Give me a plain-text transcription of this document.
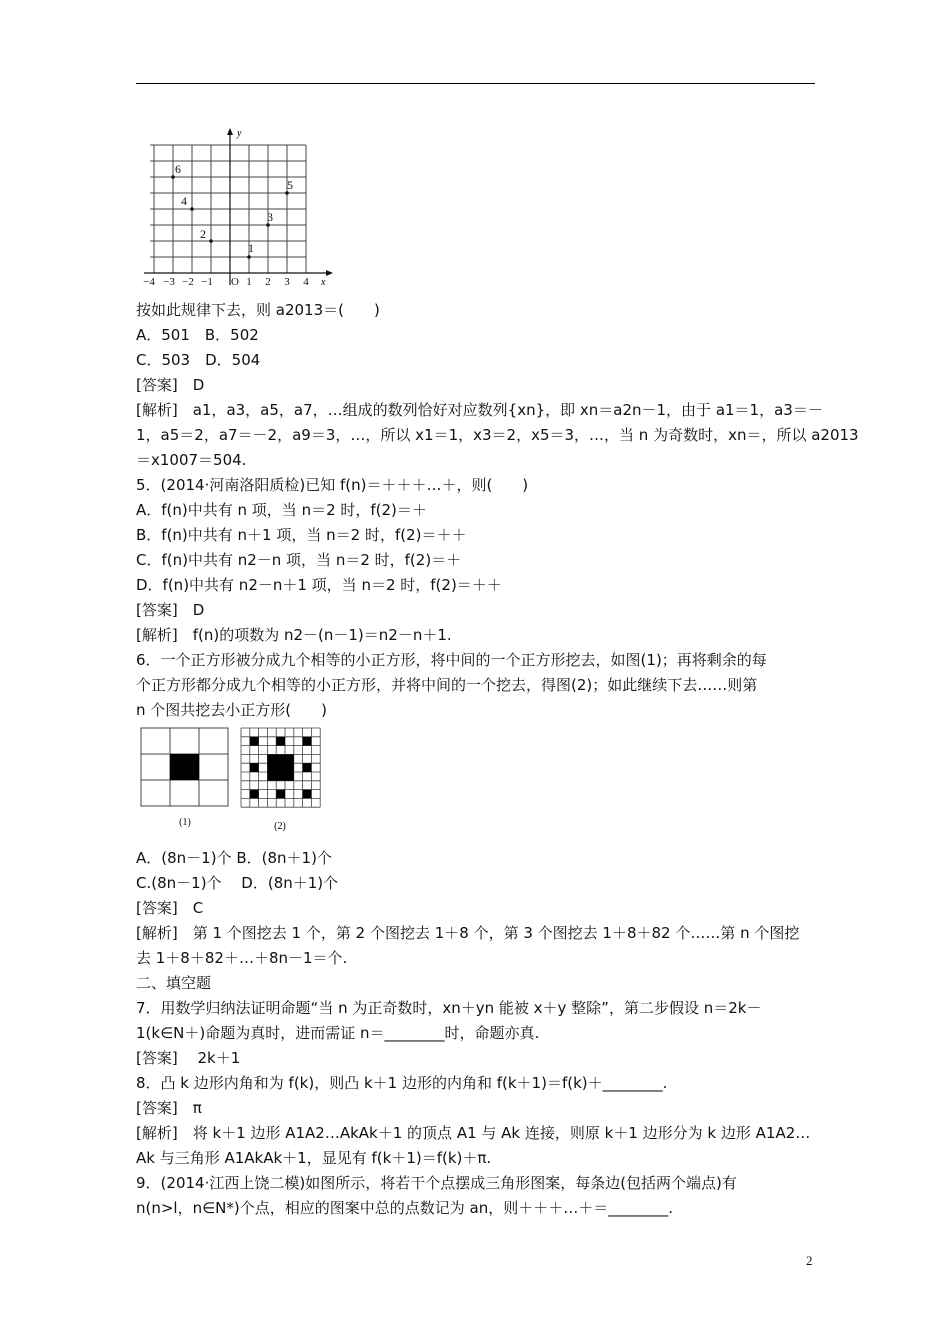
y
x
−4 −3 −2 −1 O 1 2 3 4
1
2
3
4
5
6
按如此规律下去，则 a2013＝(　　)
A．501　B．502
C．503　D．504
[答案]　D
[解析]　a1，a3，a5，a7，…组成的数列恰好对应数列{xn}，即 xn＝a2n－1，由于 a1＝1，a3＝－
1，a5＝2，a7＝－2，a9＝3，…，所以 x1＝1，x3＝2，x5＝3，…，当 n 为奇数时，xn＝，所以 a2013
＝x1007＝504.
5．(2014·河南洛阳质检)已知 f(n)＝＋＋＋…＋，则(　　)
A．f(n)中共有 n 项，当 n＝2 时，f(2)＝＋
B．f(n)中共有 n＋1 项，当 n＝2 时，f(2)＝＋＋
C．f(n)中共有 n2－n 项，当 n＝2 时，f(2)＝＋
D．f(n)中共有 n2－n＋1 项，当 n＝2 时，f(2)＝＋＋
[答案]　D
[解析]　f(n)的项数为 n2－(n－1)＝n2－n＋1.
6．一个正方形被分成九个相等的小正方形，将中间的一个正方形挖去，如图(1)；再将剩余的每
个正方形都分成九个相等的小正方形，并将中间的一个挖去，得图(2)；如此继续下去……则第
n 个图共挖去小正方形(　　)
(1)	(2)
A．(8n－1)个 B．(8n＋1)个
C.(8n－1)个　 D．(8n＋1)个
[答案]　C
[解析]　第 1 个图挖去 1 个，第 2 个图挖去 1＋8 个，第 3 个图挖去 1＋8＋82 个……第 n 个图挖
去 1＋8＋82＋…＋8n－1＝个.
二、填空题
7．用数学归纳法证明命题“当 n 为正奇数时，xn＋yn 能被 x＋y 整除”，第二步假设 n＝2k－
1(k∈N＋)命题为真时，进而需证 n＝________时，命题亦真.
[答案]　 2k＋1
8．凸 k 边形内角和为 f(k)，则凸 k＋1 边形的内角和 f(k＋1)＝f(k)＋________.
[答案]　π
[解析]　将 k＋1 边形 A1A2…AkAk＋1 的顶点 A1 与 Ak 连接，则原 k＋1 边形分为 k 边形 A1A2…
Ak 与三角形 A1AkAk＋1，显见有 f(k＋1)＝f(k)＋π.
9．(2014·江西上饶二模)如图所示，将若干个点摆成三角形图案，每条边(包括两个端点)有
n(n>l，n∈N*)个点，相应的图案中总的点数记为 an，则＋＋＋…＋＝________.
2
